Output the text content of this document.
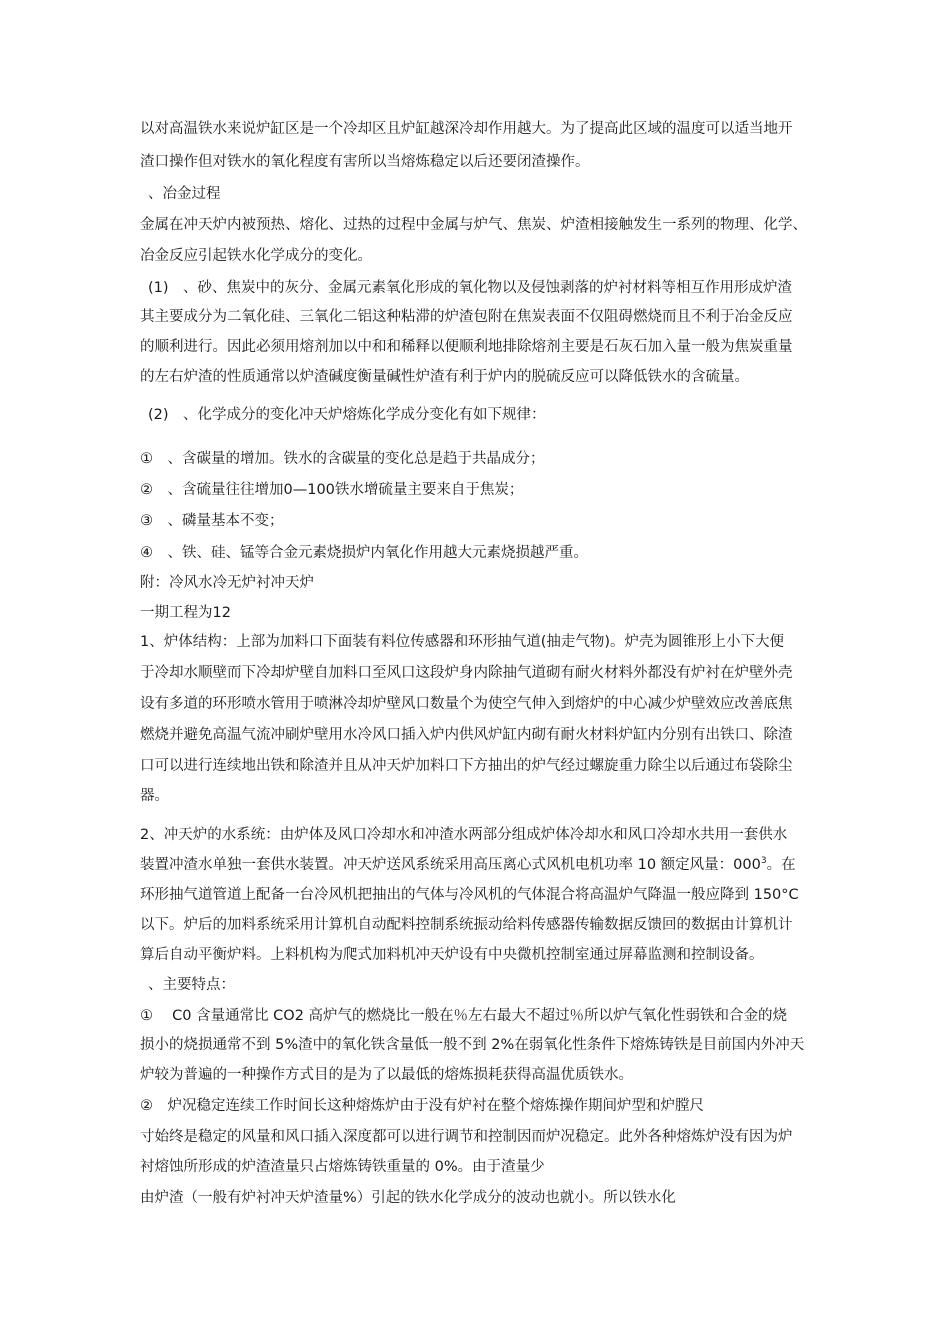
以对高温铁水来说炉缸区是一个冷却区且炉缸越深冷却作用越大。为了提高此区域的温度可以适当地开
渣口操作但对铁水的氧化程度有害所以当熔炼稳定以后还要闭渣操作。
、冶金过程
金属在冲天炉内被预热、熔化、过热的过程中金属与炉气、焦炭、炉渣相接触发生一系列的物理、化学、
冶金反应引起铁水化学成分的变化。
(1)　、砂、焦炭中的灰分、金属元素氧化形成的氧化物以及侵蚀剥落的炉衬材料等相互作用形成炉渣
其主要成分为二氧化硅、三氧化二铝这种粘滞的炉渣包附在焦炭表面不仅阻碍燃烧而且不利于冶金反应
的顺利进行。因此必须用熔剂加以中和和稀释以便顺利地排除熔剂主要是石灰石加入量一般为焦炭重量
的左右炉渣的性质通常以炉渣碱度衡量碱性炉渣有利于炉内的脱硫反应可以降低铁水的含硫量。
(2)　、化学成分的变化冲天炉熔炼化学成分变化有如下规律：
①　、含碳量的增加。铁水的含碳量的变化总是趋于共晶成分；
②　、含硫量往往增加0—100铁水增硫量主要来自于焦炭；
③　、磷量基本不变；
④　、铁、硅、锰等合金元素烧损炉内氧化作用越大元素烧损越严重。
附：冷风水冷无炉衬冲天炉
一期工程为12
1、炉体结构：上部为加料口下面装有料位传感器和环形抽气道(抽走气物)。炉壳为圆锥形上小下大便
于冷却水顺壁而下冷却炉壁自加料口至风口这段炉身内除抽气道砌有耐火材料外都没有炉衬在炉壁外壳
设有多道的环形喷水管用于喷淋冷却炉壁风口数量个为使空气伸入到熔炉的中心减少炉壁效应改善底焦
燃烧并避免高温气流冲刷炉壁用水冷风口插入炉内供风炉缸内砌有耐火材料炉缸内分别有出铁口、除渣
口可以进行连续地出铁和除渣并且从冲天炉加料口下方抽出的炉气经过螺旋重力除尘以后通过布袋除尘
器。
2、冲天炉的水系统：由炉体及风口冷却水和冲渣水两部分组成炉体冷却水和风口冷却水共用一套供水
装置冲渣水单独一套供水装置。冲天炉送风系统采用高压离心式风机电机功率 10 额定风量：$000^3$。在
环形抽气道管道上配备一台冷风机把抽出的气体与冷风机的气体混合将高温炉气降温一般应降到 150°C
以下。炉后的加料系统采用计算机自动配料控制系统振动给料传感器传输数据反馈回的数据由计算机计
算后自动平衡炉料。上料机构为爬式加料机冲天炉设有中央微机控制室通过屏幕监测和控制设备。
、主要特点：
①　 C0 含量通常比 CO2 高炉气的燃烧比一般在％左右最大不超过％所以炉气氧化性弱铁和合金的烧
损小的烧损通常不到 5%渣中的氧化铁含量低一般不到 2%在弱氧化性条件下熔炼铸铁是目前国内外冲天
炉较为普遍的一种操作方式目的是为了以最低的熔炼损耗获得高温优质铁水。
②　炉况稳定连续工作时间长这种熔炼炉由于没有炉衬在整个熔炼操作期间炉型和炉膛尺
寸始终是稳定的风量和风口插入深度都可以进行调节和控制因而炉况稳定。此外各种熔炼炉没有因为炉
衬熔蚀所形成的炉渣渣量只占熔炼铸铁重量的 0%。由于渣量少
由炉渣（一般有炉衬冲天炉渣量%）引起的铁水化学成分的波动也就小。所以铁水化
